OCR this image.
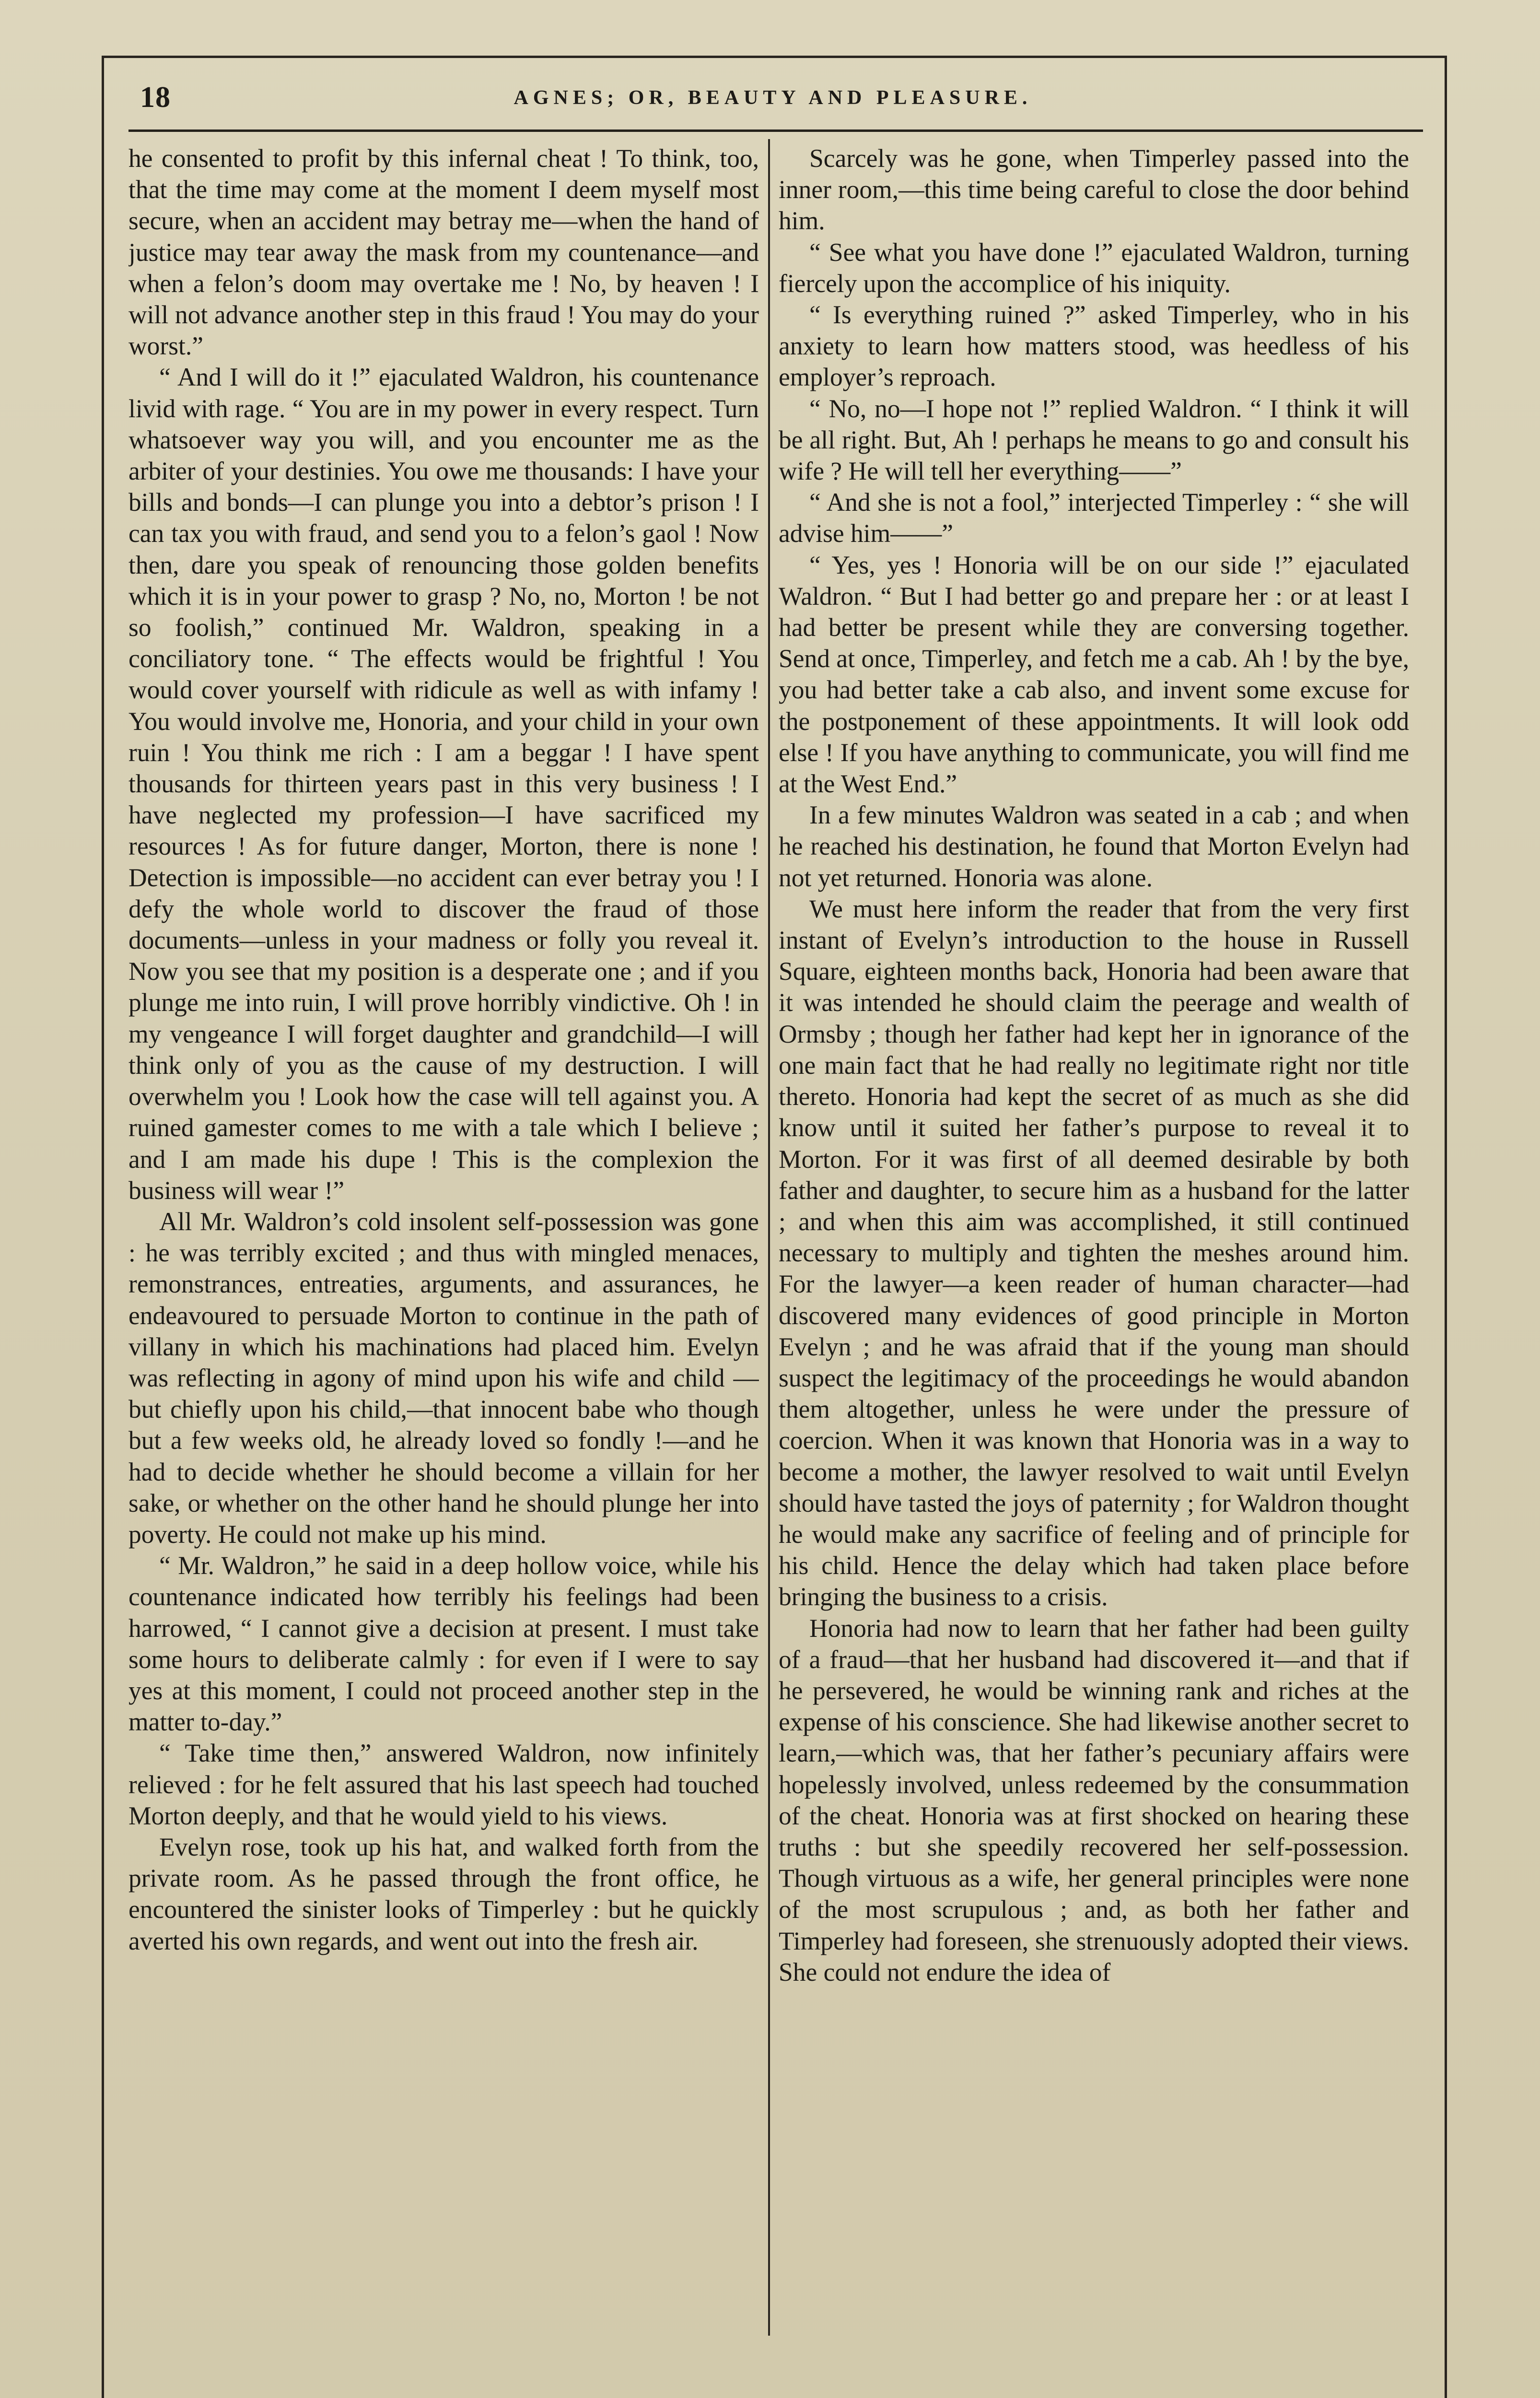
18	AGNES; OR, BEAUTY AND PLEASURE.

he consented to profit by this infernal cheat ! To think, too, that the time may come at the moment I deem myself most secure, when an accident may betray me—when the hand of justice may tear away the mask from my countenance—and when a felon’s doom may overtake me ! No, by heaven ! I will not advance another step in this fraud ! You may do your worst.”

“ And I will do it !” ejaculated Waldron, his countenance livid with rage. “ You are in my power in every respect. Turn whatsoever way you will, and you encounter me as the arbiter of your destinies. You owe me thousands: I have your bills and bonds—I can plunge you into a debtor’s prison ! I can tax you with fraud, and send you to a felon’s gaol ! Now then, dare you speak of renouncing those golden benefits which it is in your power to grasp ? No, no, Morton ! be not so foolish,” continued Mr. Waldron, speaking in a conciliatory tone. “ The effects would be frightful ! You would cover yourself with ridicule as well as with infamy ! You would involve me, Honoria, and your child in your own ruin ! You think me rich : I am a beggar ! I have spent thousands for thirteen years past in this very business ! I have neglected my profession—I have sacrificed my resources ! As for future danger, Morton, there is none ! Detection is impossible—no accident can ever betray you ! I defy the whole world to discover the fraud of those documents—unless in your madness or folly you reveal it. Now you see that my position is a desperate one ; and if you plunge me into ruin, I will prove horribly vindictive. Oh ! in my vengeance I will forget daughter and grandchild—I will think only of you as the cause of my destruction. I will overwhelm you ! Look how the case will tell against you. A ruined gamester comes to me with a tale which I believe ; and I am made his dupe ! This is the complexion the business will wear !”

All Mr. Waldron’s cold insolent self-possession was gone : he was terribly excited ; and thus with mingled menaces, remonstrances, entreaties, arguments, and assurances, he endeavoured to persuade Morton to continue in the path of villany in which his machinations had placed him. Evelyn was reflecting in agony of mind upon his wife and child —but chiefly upon his child,—that innocent babe who though but a few weeks old, he already loved so fondly !—and he had to decide whether he should become a villain for her sake, or whether on the other hand he should plunge her into poverty. He could not make up his mind.

“ Mr. Waldron,” he said in a deep hollow voice, while his countenance indicated how terribly his feelings had been harrowed, “ I cannot give a decision at present. I must take some hours to deliberate calmly : for even if I were to say yes at this moment, I could not proceed another step in the matter to-day.”

“ Take time then,” answered Waldron, now infinitely relieved : for he felt assured that his last speech had touched Morton deeply, and that he would yield to his views.

Evelyn rose, took up his hat, and walked forth from the private room. As he passed through the front office, he encountered the sinister looks of Timperley : but he quickly averted his own regards, and went out into the fresh air.

Scarcely was he gone, when Timperley passed into the inner room,—this time being careful to close the door behind him.

“ See what you have done !” ejaculated Waldron, turning fiercely upon the accomplice of his iniquity.

“ Is everything ruined ?” asked Timperley, who in his anxiety to learn how matters stood, was heedless of his employer’s reproach.

“ No, no—I hope not !” replied Waldron. “ I think it will be all right. But, Ah ! perhaps he means to go and consult his wife ? He will tell her everything——”

“ And she is not a fool,” interjected Timperley : “ she will advise him——”

“ Yes, yes ! Honoria will be on our side !” ejaculated Waldron. “ But I had better go and prepare her : or at least I had better be present while they are conversing together. Send at once, Timperley, and fetch me a cab. Ah ! by the bye, you had better take a cab also, and invent some excuse for the postponement of these appointments. It will look odd else ! If you have anything to communicate, you will find me at the West End.”

In a few minutes Waldron was seated in a cab ; and when he reached his destination, he found that Morton Evelyn had not yet returned. Honoria was alone.

We must here inform the reader that from the very first instant of Evelyn’s introduction to the house in Russell Square, eighteen months back, Honoria had been aware that it was intended he should claim the peerage and wealth of Ormsby ; though her father had kept her in ignorance of the one main fact that he had really no legitimate right nor title thereto. Honoria had kept the secret of as much as she did know until it suited her father’s purpose to reveal it to Morton. For it was first of all deemed desirable by both father and daughter, to secure him as a husband for the latter ; and when this aim was accomplished, it still continued necessary to multiply and tighten the meshes around him. For the lawyer—a keen reader of human character—had discovered many evidences of good principle in Morton Evelyn ; and he was afraid that if the young man should suspect the legitimacy of the proceedings he would abandon them altogether, unless he were under the pressure of coercion. When it was known that Honoria was in a way to become a mother, the lawyer resolved to wait until Evelyn should have tasted the joys of paternity ; for Waldron thought he would make any sacrifice of feeling and of principle for his child. Hence the delay which had taken place before bringing the business to a crisis.

Honoria had now to learn that her father had been guilty of a fraud—that her husband had discovered it—and that if he persevered, he would be winning rank and riches at the expense of his conscience. She had likewise another secret to learn,—which was, that her father’s pecuniary affairs were hopelessly involved, unless redeemed by the consummation of the cheat. Honoria was at first shocked on hearing these truths : but she speedily recovered her self-possession. Though virtuous as a wife, her general principles were none of the most scrupulous ; and, as both her father and Timperley had foreseen, she strenuously adopted their views. She could not endure the idea of
